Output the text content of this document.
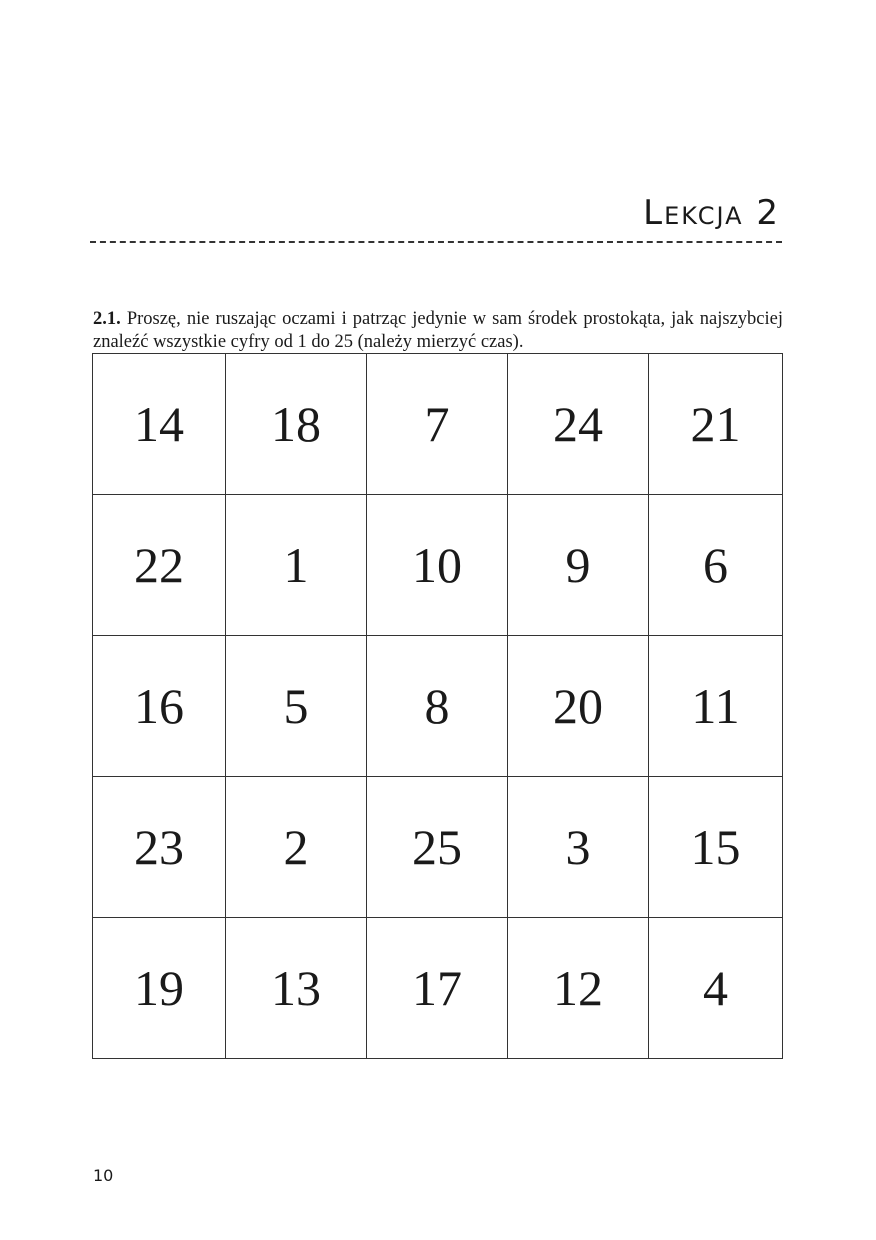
LEKCJA 2

2.1. Proszę, nie ruszając oczami i patrząc jedynie w sam środek prostokąta, jak najszybciej znaleźć wszystkie cyfry od 1 do 25 (należy mierzyć czas).

14	18	7	24	21
22	1	10	9	6
16	5	8	20	11
23	2	25	3	15
19	13	17	12	4
10
